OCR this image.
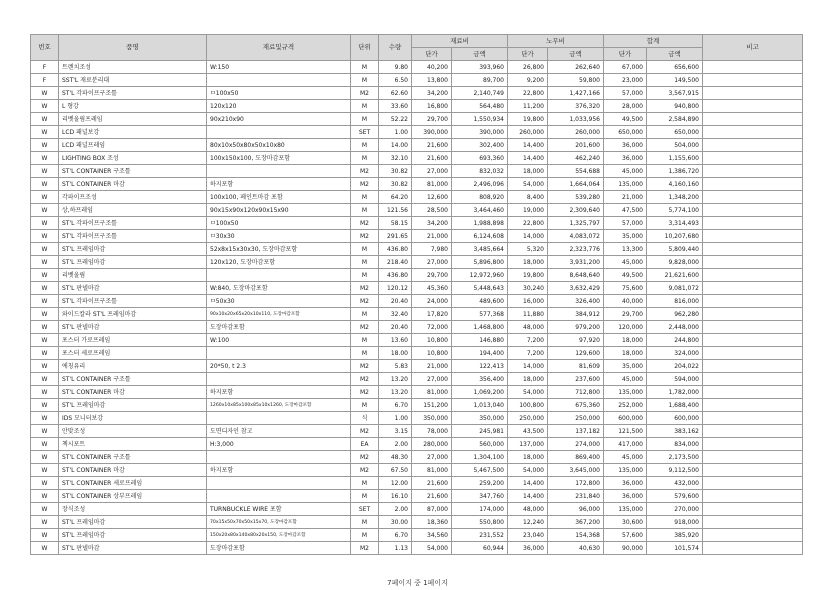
번호	품명	재료및규격	단위	수량	재료비		노무비		합계		비고
					단가	금액	단가	금액	단가	금액	
F	트렌치조성	W:150	M	9.80	40,200	393,960	26,800	262,640	67,000	656,600	
F	SST'L 재료분리대		M	6.50	13,800	89,700	9,200	59,800	23,000	149,500	
W	ST'L 각파이프구조틀	ㅁ100x50	M2	62.60	34,200	2,140,749	22,800	1,427,166	57,000	3,567,915	
W	L 형강	120x120	M	33.60	16,800	564,480	11,200	376,320	28,000	940,800	
W	리벳올림프레임	90x210x90	M	52.22	29,700	1,550,934	19,800	1,033,956	49,500	2,584,890	
W	LCD 패널보강		SET	1.00	390,000	390,000	260,000	260,000	650,000	650,000	
W	LCD 패널프레임	80x10x50x80x50x10x80	M	14.00	21,600	302,400	14,400	201,600	36,000	504,000	
W	LIGHTING BOX 조성	100x150x100, 도장마감포함	M	32.10	21,600	693,360	14,400	462,240	36,000	1,155,600	
W	ST'L CONTAINER 구조틀		M2	30.82	27,000	832,032	18,000	554,688	45,000	1,386,720	
W	ST'L CONTAINER 마감	하지포함	M2	30.82	81,000	2,496,096	54,000	1,664,064	135,000	4,160,160	
W	각파이프조성	100x100, 페인트마감 포함	M	64.20	12,600	808,920	8,400	539,280	21,000	1,348,200	
W	상,하프레임	90x15x90x120x90x15x90	M	121.56	28,500	3,464,460	19,000	2,309,640	47,500	5,774,100	
W	ST'L 각파이프구조틀	ㅁ100x50	M2	58.15	34,200	1,988,898	22,800	1,325,797	57,000	3,314,493	
W	ST'L 각파이프구조틀	ㅁ30x30	M2	291.65	21,000	6,124,608	14,000	4,083,072	35,000	10,207,680	
W	ST'L 프레임마감	52x8x15x30x30, 도장마감포함	M	436.80	7,980	3,485,664	5,320	2,323,776	13,300	5,809,440	
W	ST'L 프레임마감	120x120, 도장마감포함	M	218.40	27,000	5,896,800	18,000	3,931,200	45,000	9,828,000	
W	리벳올림		M	436.80	29,700	12,972,960	19,800	8,648,640	49,500	21,621,600	
W	ST'L 판넬마감	W:840, 도장마감포함	M2	120.12	45,360	5,448,643	30,240	3,632,429	75,600	9,081,072	
W	ST'L 각파이프구조틀	ㅁ50x30	M2	20.40	24,000	489,600	16,000	326,400	40,000	816,000	
W	와이드칼라 ST'L 프레임마감	90x10x20x65x20x10x110, 도장마감포함	M	32.40	17,820	577,368	11,880	384,912	29,700	962,280	
W	ST'L 판넬마감	도장마감포함	M2	20.40	72,000	1,468,800	48,000	979,200	120,000	2,448,000	
W	포스터 가로프레임	W:100	M	13.60	10,800	146,880	7,200	97,920	18,000	244,800	
W	포스터 세로프레임		M	18.00	10,800	194,400	7,200	129,600	18,000	324,000	
W	에칭유리	20*50, t 2.3	M2	5.83	21,000	122,413	14,000	81,609	35,000	204,022	
W	ST'L CONTAINER 구조틀		M2	13.20	27,000	356,400	18,000	237,600	45,000	594,000	
W	ST'L CONTAINER 마감	하지포함	M2	13.20	81,000	1,069,200	54,000	712,800	135,000	1,782,000	
W	ST'L 프레임마감	1260x10x85x100x85x10x1260, 도장마감포함	M	6.70	151,200	1,013,040	100,800	675,360	252,000	1,688,400	
W	IDS 모니터보강		식	1.00	350,000	350,000	250,000	250,000	600,000	600,000	
W	안맞조성	도면디자인 참고	M2	3.15	78,000	245,981	43,500	137,182	121,500	383,162	
W	첵시포트	H:3,000	EA	2.00	280,000	560,000	137,000	274,000	417,000	834,000	
W	ST'L CONTAINER 구조틀		M2	48.30	27,000	1,304,100	18,000	869,400	45,000	2,173,500	
W	ST'L CONTAINER 마감	하지포함	M2	67.50	81,000	5,467,500	54,000	3,645,000	135,000	9,112,500	
W	ST'L CONTAINER 세로프레임		M	12.00	21,600	259,200	14,400	172,800	36,000	432,000	
W	ST'L CONTAINER 상부프레임		M	16.10	21,600	347,760	14,400	231,840	36,000	579,600	
W	장식조성	TURNBUCKLE WIRE 포함	SET	2.00	87,000	174,000	48,000	96,000	135,000	270,000	
W	ST'L 프레임마감	70x15x50x70x50x15x70, 도장마감포함	M	30.00	18,360	550,800	12,240	367,200	30,600	918,000	
W	ST'L 프레임마감	150x20x80x140x80x20x150, 도장마감포함	M	6.70	34,560	231,552	23,040	154,368	57,600	385,920	
W	ST'L 판넬마감	도장마감포함	M2	1.13	54,000	60,944	36,000	40,630	90,000	101,574	
7페이지 중 1페이지
